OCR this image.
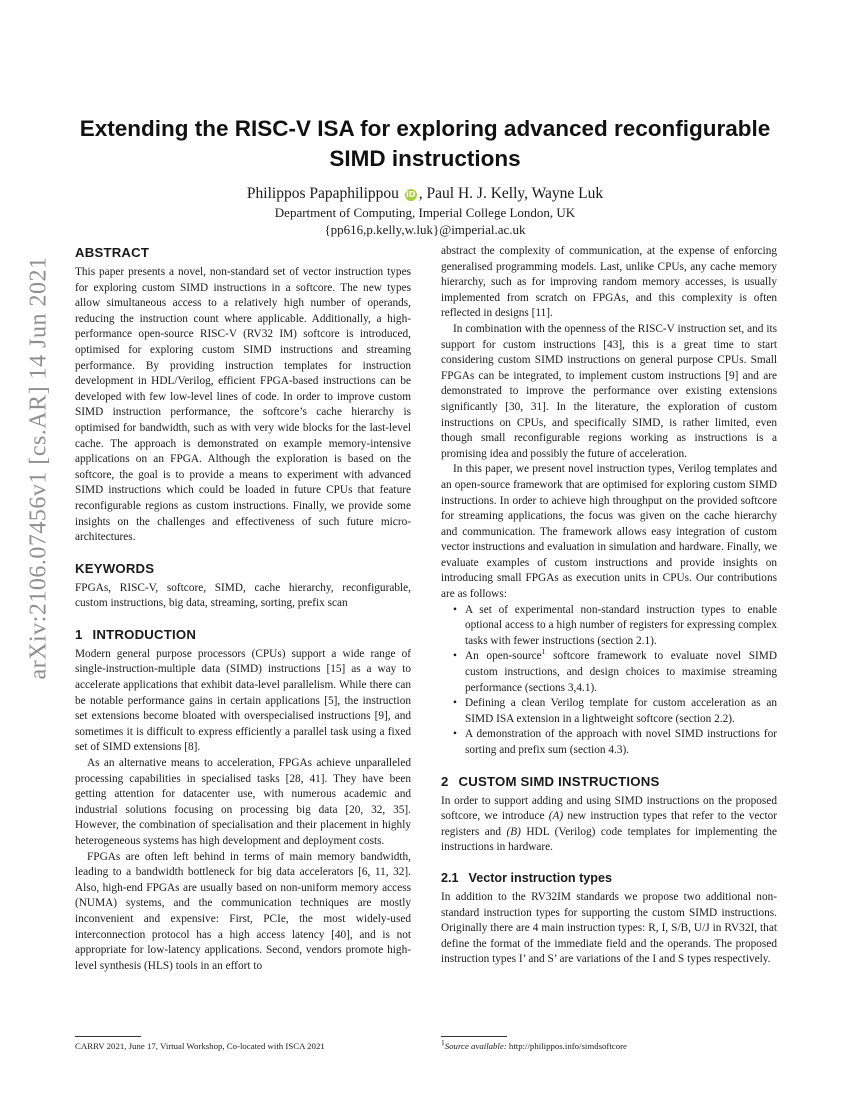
arXiv:2106.07456v1 [cs.AR] 14 Jun 2021
Extending the RISC-V ISA for exploring advanced reconfigurable SIMD instructions
Philippos Papaphilippou iD , Paul H. J. Kelly, Wayne Luk
Department of Computing, Imperial College London, UK
{pp616,p.kelly,w.luk}@imperial.ac.uk
ABSTRACT

This paper presents a novel, non-standard set of vector instruction types for exploring custom SIMD instructions in a softcore. The new types allow simultaneous access to a relatively high number of operands, reducing the instruction count where applicable. Additionally, a high-performance open-source RISC-V (RV32 IM) softcore is introduced, optimised for exploring custom SIMD instructions and streaming performance. By providing instruction templates for instruction development in HDL/Verilog, efficient FPGA-based instructions can be developed with few low-level lines of code. In order to improve custom SIMD instruction performance, the softcore’s cache hierarchy is optimised for bandwidth, such as with very wide blocks for the last-level cache. The approach is demonstrated on example memory-intensive applications on an FPGA. Although the exploration is based on the softcore, the goal is to provide a means to experiment with advanced SIMD instructions which could be loaded in future CPUs that feature reconfigurable regions as custom instructions. Finally, we provide some insights on the challenges and effectiveness of such future micro-architectures.

KEYWORDS

FPGAs, RISC-V, softcore, SIMD, cache hierarchy, reconfigurable, custom instructions, big data, streaming, sorting, prefix scan

1 INTRODUCTION

Modern general purpose processors (CPUs) support a wide range of single-instruction-multiple data (SIMD) instructions [15] as a way to accelerate applications that exhibit data-level parallelism. While there can be notable performance gains in certain applications [5], the instruction set extensions become bloated with overspecialised instructions [9], and sometimes it is difficult to express efficiently a parallel task using a fixed set of SIMD extensions [8].

As an alternative means to acceleration, FPGAs achieve unparalleled processing capabilities in specialised tasks [28, 41]. They have been getting attention for datacenter use, with numerous academic and industrial solutions focusing on processing big data [20, 32, 35]. However, the combination of specialisation and their placement in highly heterogeneous systems has high development and deployment costs.

FPGAs are often left behind in terms of main memory bandwidth, leading to a bandwidth bottleneck for big data accelerators [6, 11, 32]. Also, high-end FPGAs are usually based on non-uniform memory access (NUMA) systems, and the communication techniques are mostly inconvenient and expensive: First, PCIe, the most widely-used interconnection protocol has a high access latency [40], and is not appropriate for low-latency applications. Second, vendors promote high-level synthesis (HLS) tools in an effort to

abstract the complexity of communication, at the expense of enforcing generalised programming models. Last, unlike CPUs, any cache memory hierarchy, such as for improving random memory accesses, is usually implemented from scratch on FPGAs, and this complexity is often reflected in designs [11].

In combination with the openness of the RISC-V instruction set, and its support for custom instructions [43], this is a great time to start considering custom SIMD instructions on general purpose CPUs. Small FPGAs can be integrated, to implement custom instructions [9] and are demonstrated to improve the performance over existing extensions significantly [30, 31]. In the literature, the exploration of custom instructions on CPUs, and specifically SIMD, is rather limited, even though small reconfigurable regions working as instructions is a promising idea and possibly the future of acceleration.

In this paper, we present novel instruction types, Verilog templates and an open-source framework that are optimised for exploring custom SIMD instructions. In order to achieve high throughput on the provided softcore for streaming applications, the focus was given on the cache hierarchy and communication. The framework allows easy integration of custom vector instructions and evaluation in simulation and hardware. Finally, we evaluate examples of custom instructions and provide insights on introducing small FPGAs as execution units in CPUs. Our contributions are as follows:

• A set of experimental non-standard instruction types to enable optional access to a high number of registers for expressing complex tasks with fewer instructions (section 2.1).
• An open-source$^1$ softcore framework to evaluate novel SIMD custom instructions, and design choices to maximise streaming performance (sections 3,4.1).
• Defining a clean Verilog template for custom acceleration as an SIMD ISA extension in a lightweight softcore (section 2.2).
• A demonstration of the approach with novel SIMD instructions for sorting and prefix sum (section 4.3).
2 CUSTOM SIMD INSTRUCTIONS

In order to support adding and using SIMD instructions on the proposed softcore, we introduce (A) new instruction types that refer to the vector registers and (B) HDL (Verilog) code templates for implementing the instructions in hardware.

2.1 Vector instruction types

In addition to the RV32IM standards we propose two additional non-standard instruction types for supporting the custom SIMD instructions. Originally there are 4 main instruction types: R, I, S/B, U/J in RV32I, that define the format of the immediate field and the operands. The proposed instruction types I’ and S’ are variations of the I and S types respectively.

CARRV 2021, June 17, Virtual Workshop, Co-located with ISCA 2021	$^1$Source available: http://philippos.info/simdsoftcore
